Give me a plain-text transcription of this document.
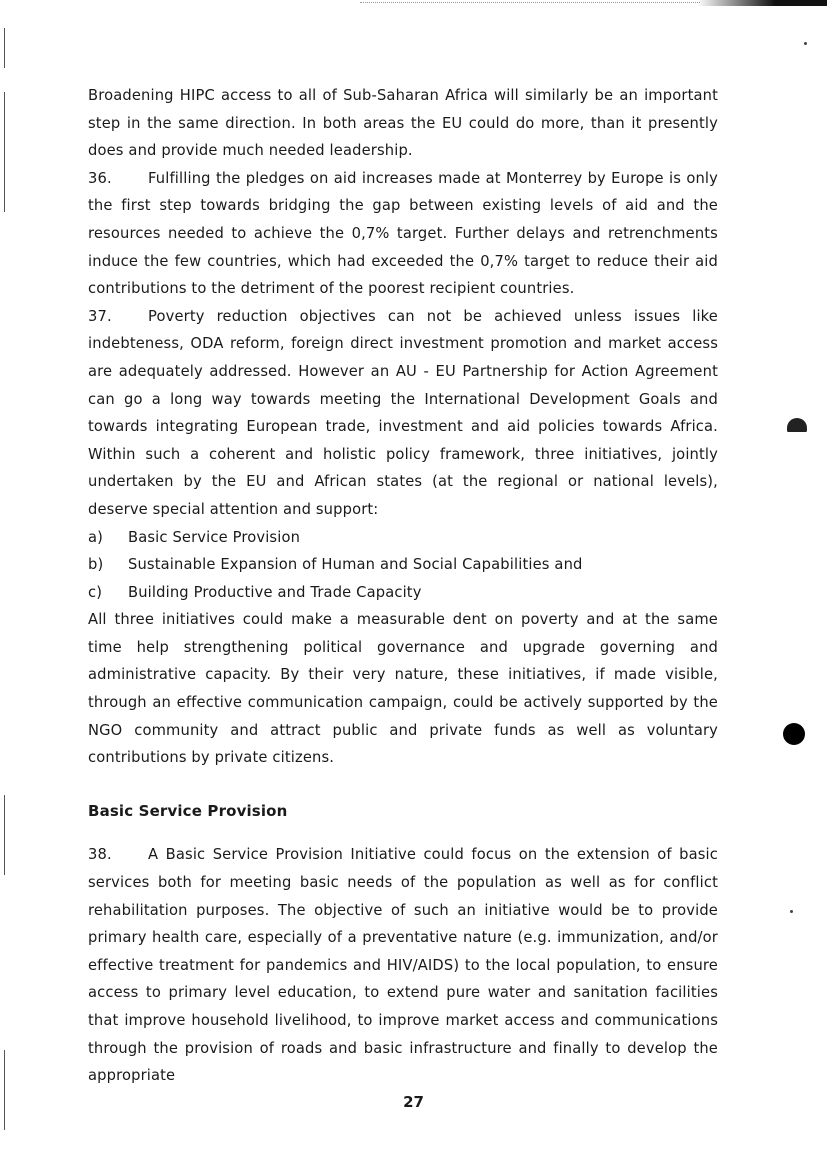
Broadening HIPC access to all of Sub-Saharan Africa will similarly be an important step in the same direction. In both areas the EU could do more, than it presently does and provide much needed leadership.

36. Fulfilling the pledges on aid increases made at Monterrey by Europe is only the first step towards bridging the gap between existing levels of aid and the resources needed to achieve the 0,7% target. Further delays and retrenchments induce the few countries, which had exceeded the 0,7% target to reduce their aid contributions to the detriment of the poorest recipient countries.

37. Poverty reduction objectives can not be achieved unless issues like indebteness, ODA reform, foreign direct investment promotion and market access are adequately addressed. However an AU - EU Partnership for Action Agreement can go a long way towards meeting the International Development Goals and towards integrating European trade, investment and aid policies towards Africa. Within such a coherent and holistic policy framework, three initiatives, jointly undertaken by the EU and African states (at the regional or national levels), deserve special attention and support:

a) Basic Service Provision
b) Sustainable Expansion of Human and Social Capabilities and
c) Building Productive and Trade Capacity

All three initiatives could make a measurable dent on poverty and at the same time help strengthening political governance and upgrade governing and administrative capacity. By their very nature, these initiatives, if made visible, through an effective communication campaign, could be actively supported by the NGO community and attract public and private funds as well as voluntary contributions by private citizens.

Basic Service Provision

38. A Basic Service Provision Initiative could focus on the extension of basic services both for meeting basic needs of the population as well as for conflict rehabilitation purposes. The objective of such an initiative would be to provide primary health care, especially of a preventative nature (e.g. immunization, and/or effective treatment for pandemics and HIV/AIDS) to the local population, to ensure access to primary level education, to extend pure water and sanitation facilities that improve household livelihood, to improve market access and communications through the provision of roads and basic infrastructure and finally to develop the appropriate

27
